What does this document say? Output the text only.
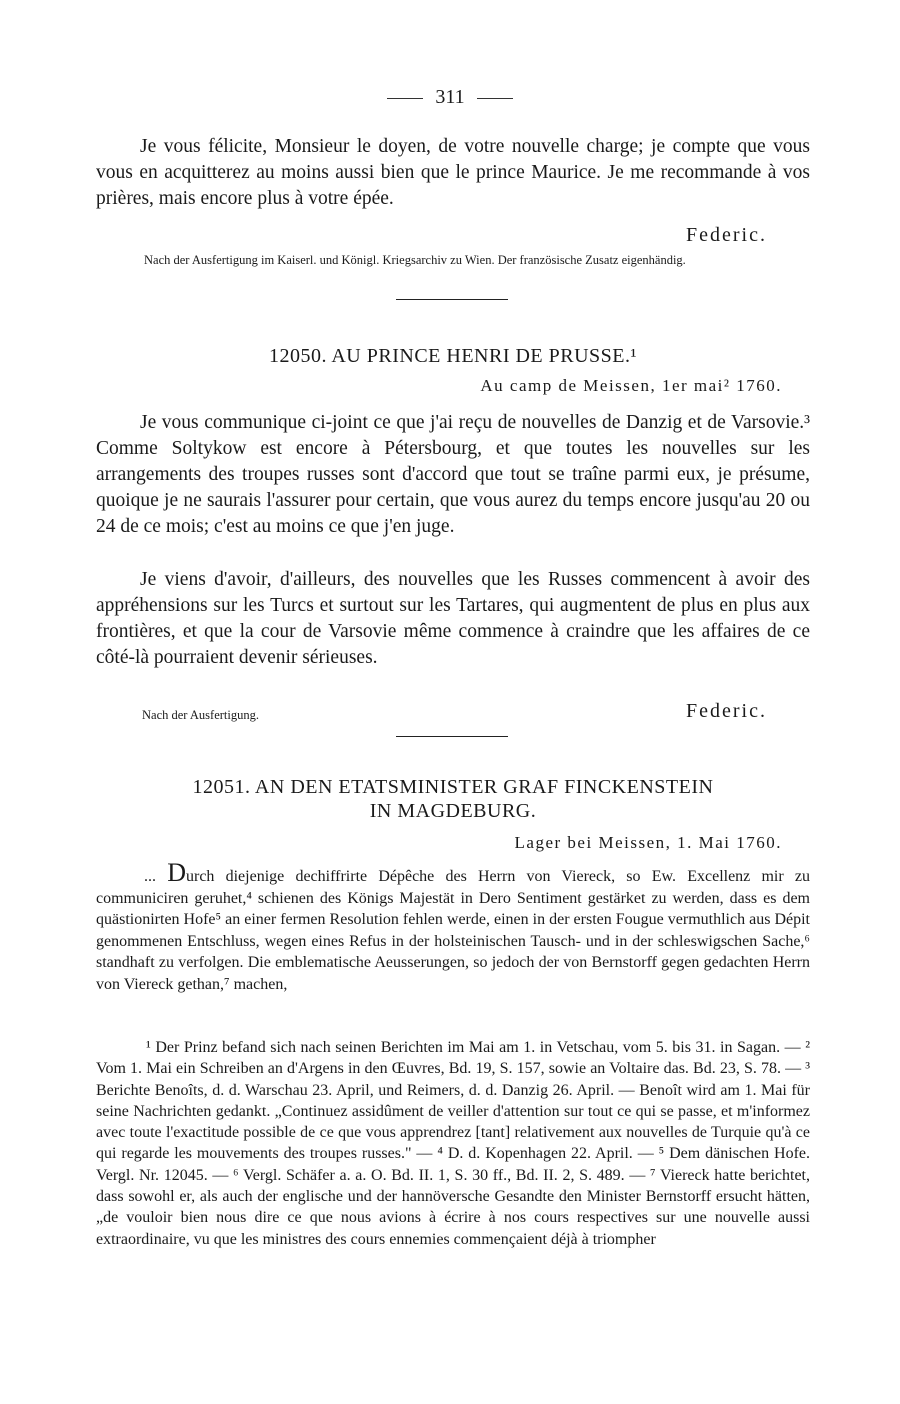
311
Je vous félicite, Monsieur le doyen, de votre nouvelle charge; je compte que vous vous en acquitterez au moins aussi bien que le prince Maurice. Je me recommande à vos prières, mais encore plus à votre épée.
Federic.
Nach der Ausfertigung im Kaiserl. und Königl. Kriegsarchiv zu Wien. Der französische Zusatz eigenhändig.
12050. AU PRINCE HENRI DE PRUSSE.¹
Au camp de Meissen, 1er mai² 1760.
Je vous communique ci-joint ce que j'ai reçu de nouvelles de Danzig et de Varsovie.³ Comme Soltykow est encore à Pétersbourg, et que toutes les nouvelles sur les arrangements des troupes russes sont d'accord que tout se traîne parmi eux, je présume, quoique je ne saurais l'assurer pour certain, que vous aurez du temps encore jusqu'au 20 ou 24 de ce mois; c'est au moins ce que j'en juge.
Je viens d'avoir, d'ailleurs, des nouvelles que les Russes commencent à avoir des appréhensions sur les Turcs et surtout sur les Tartares, qui augmentent de plus en plus aux frontières, et que la cour de Varsovie même commence à craindre que les affaires de ce côté-là pourraient devenir sérieuses.
Nach der Ausfertigung.	Federic.
12051. AN DEN ETATSMINISTER GRAF FINCKENSTEIN
IN MAGDEBURG.
Lager bei Meissen, 1. Mai 1760.
... Durch diejenige dechiffrirte Dépêche des Herrn von Viereck, so Ew. Excellenz mir zu communiciren geruhet,⁴ schienen des Königs Majestät in Dero Sentiment gestärket zu werden, dass es dem quästionirten Hofe⁵ an einer fermen Resolution fehlen werde, einen in der ersten Fougue vermuthlich aus Dépit genommenen Entschluss, wegen eines Refus in der holsteinischen Tausch- und in der schleswigschen Sache,⁶ standhaft zu verfolgen. Die emblematische Aeusserungen, so jedoch der von Bernstorff gegen gedachten Herrn von Viereck gethan,⁷ machen,
¹ Der Prinz befand sich nach seinen Berichten im Mai am 1. in Vetschau, vom 5. bis 31. in Sagan. — ² Vom 1. Mai ein Schreiben an d'Argens in den Œuvres, Bd. 19, S. 157, sowie an Voltaire das. Bd. 23, S. 78. — ³ Berichte Benoîts, d. d. Warschau 23. April, und Reimers, d. d. Danzig 26. April. — Benoît wird am 1. Mai für seine Nachrichten gedankt. „Continuez assidûment de veiller d'attention sur tout ce qui se passe, et m'informez avec toute l'exactitude possible de ce que vous apprendrez [tant] relativement aux nouvelles de Turquie qu'à ce qui regarde les mouvements des troupes russes." — ⁴ D. d. Kopenhagen 22. April. — ⁵ Dem dänischen Hofe. Vergl. Nr. 12045. — ⁶ Vergl. Schäfer a. a. O. Bd. II. 1, S. 30 ff., Bd. II. 2, S. 489. — ⁷ Viereck hatte berichtet, dass sowohl er, als auch der englische und der hannöversche Gesandte den Minister Bernstorff ersucht hätten, „de vouloir bien nous dire ce que nous avions à écrire à nos cours respectives sur une nouvelle aussi extraordinaire, vu que les ministres des cours ennemies commençaient déjà à triompher
